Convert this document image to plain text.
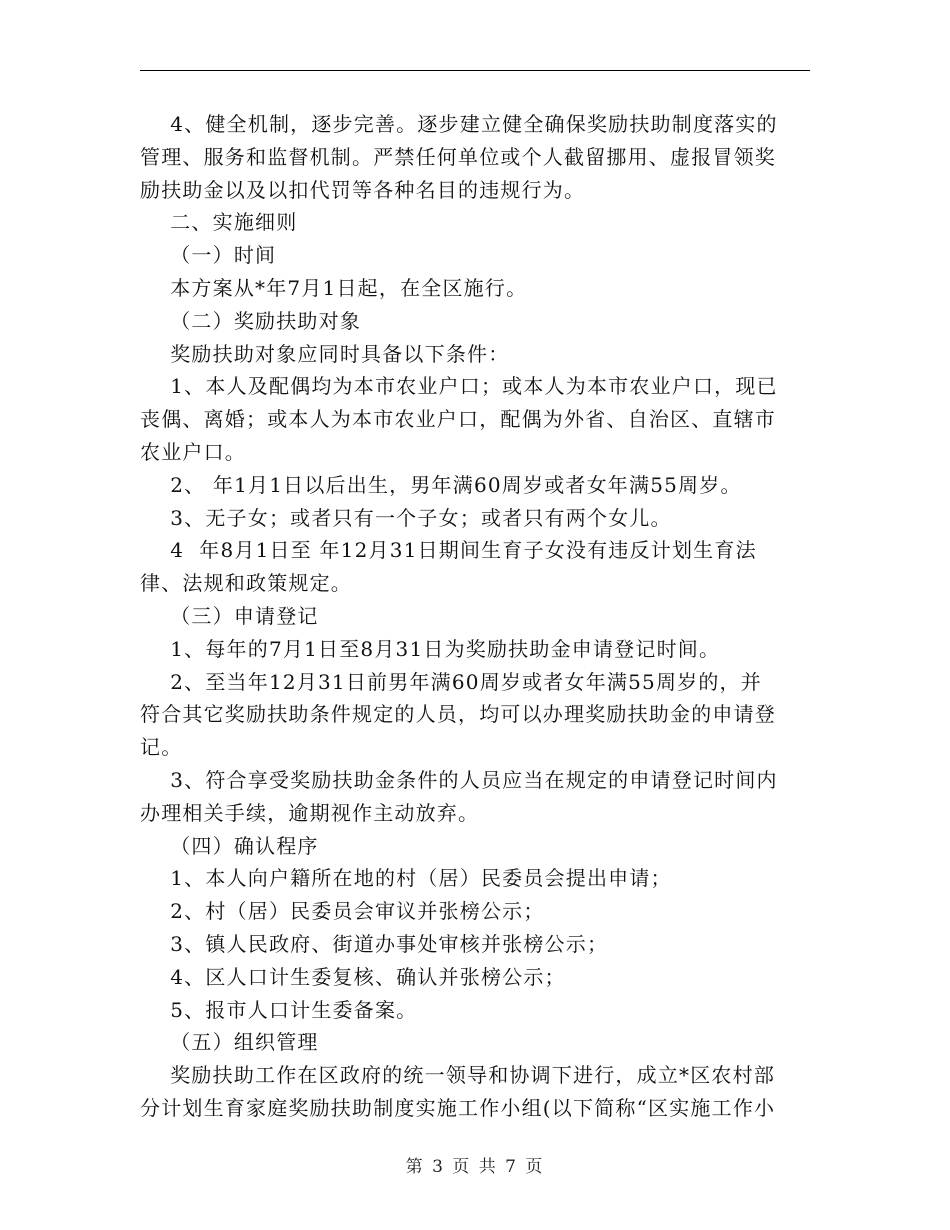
4、健全机制，逐步完善。逐步建立健全确保奖励扶助制度落实的
管理、服务和监督机制。严禁任何单位或个人截留挪用、虚报冒领奖
励扶助金以及以扣代罚等各种名目的违规行为。
二、实施细则
（一）时间
本方案从*年7月1日起，在全区施行。
（二）奖励扶助对象
奖励扶助对象应同时具备以下条件：
1、本人及配偶均为本市农业户口；或本人为本市农业户口，现已
丧偶、离婚；或本人为本市农业户口，配偶为外省、自治区、直辖市
农业户口。
2、 年1月1日以后出生，男年满60周岁或者女年满55周岁。
3、无子女；或者只有一个子女；或者只有两个女儿。
4  年8月1日至 年12月31日期间生育子女没有违反计划生育法
律、法规和政策规定。
（三）申请登记
1、每年的7月1日至8月31日为奖励扶助金申请登记时间。
2、至当年12月31日前男年满60周岁或者女年满55周岁的，并
符合其它奖励扶助条件规定的人员，均可以办理奖励扶助金的申请登
记。
3、符合享受奖励扶助金条件的人员应当在规定的申请登记时间内
办理相关手续，逾期视作主动放弃。
（四）确认程序
1、本人向户籍所在地的村（居）民委员会提出申请；
2、村（居）民委员会审议并张榜公示；
3、镇人民政府、街道办事处审核并张榜公示；
4、区人口计生委复核、确认并张榜公示；
5、报市人口计生委备案。
（五）组织管理
奖励扶助工作在区政府的统一领导和协调下进行，成立*区农村部
分计划生育家庭奖励扶助制度实施工作小组(以下简称“区实施工作小
第 3 页 共 7 页
